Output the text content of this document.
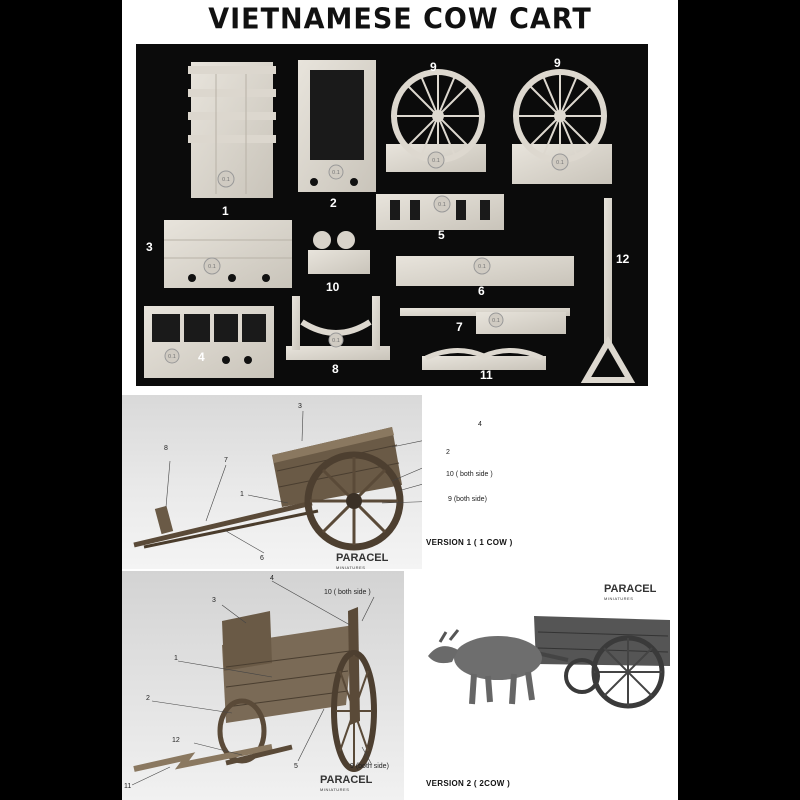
VIETNAMESE COW CART
0.1
0.1
0.1	0.1
0.1
0.1
0.1
0.1
0.1
0.1
1
2
3
4
5
6
7
8
9	9
10
11
12
3
4
2
10 ( both side )
8
7
1
9 (both side)
6	PARACEL
MINIATURES
VERSION 1 ( 1 COW )
4
10 ( both side )
3
1
2
12
5	9 (both side)
11
PARACEL
MINIATURES
PARACEL
MINIATURES
VERSION 2 ( 2COW )
